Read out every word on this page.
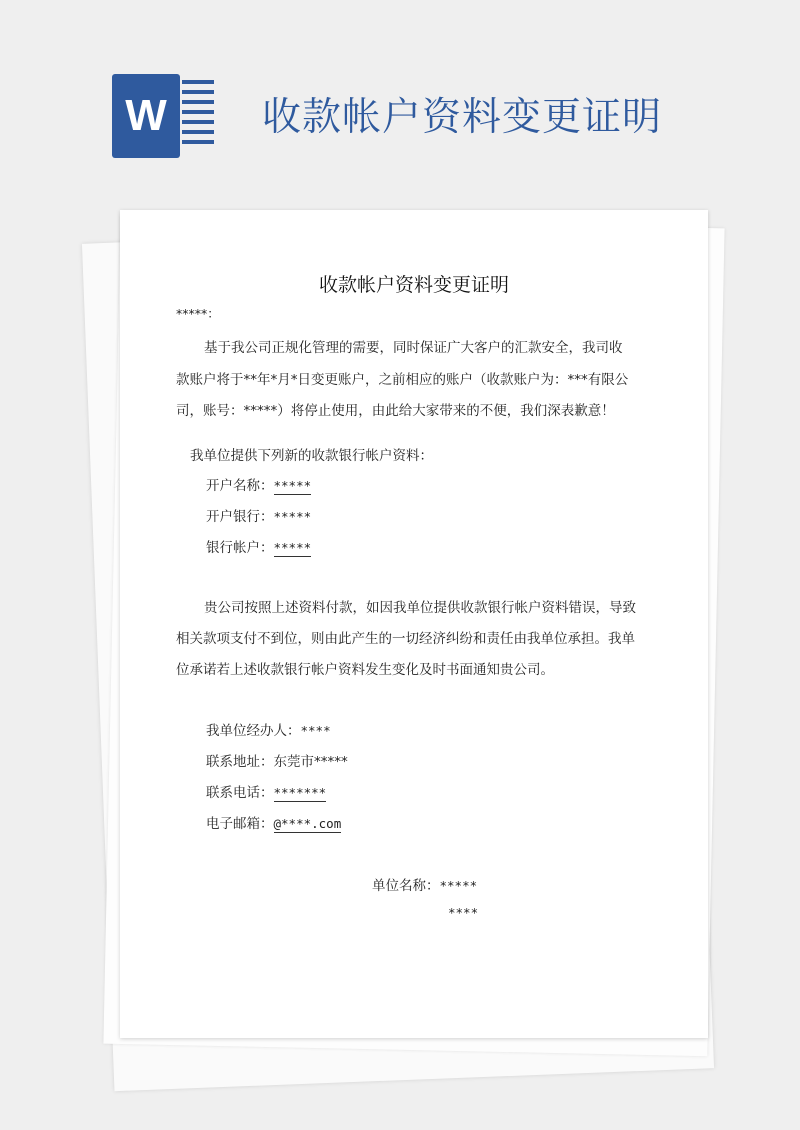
W	收款帐户资料变更证明
收款帐户资料变更证明
*****：
基于我公司正规化管理的需要，同时保证广大客户的汇款安全，我司收
款账户将于**年*月*日变更账户，之前相应的账户（收款账户为：***有限公
司，账号：*****）将停止使用，由此给大家带来的不便，我们深表歉意！
我单位提供下列新的收款银行帐户资料：
开户名称：*****
开户银行：*****
银行帐户：*****
贵公司按照上述资料付款，如因我单位提供收款银行帐户资料错误，导致
相关款项支付不到位，则由此产生的一切经济纠纷和责任由我单位承担。我单
位承诺若上述收款银行帐户资料发生变化及时书面通知贵公司。
我单位经办人：****
联系地址：东莞市*****
联系电话：*******
电子邮箱：@****.com
单位名称：*****
****
